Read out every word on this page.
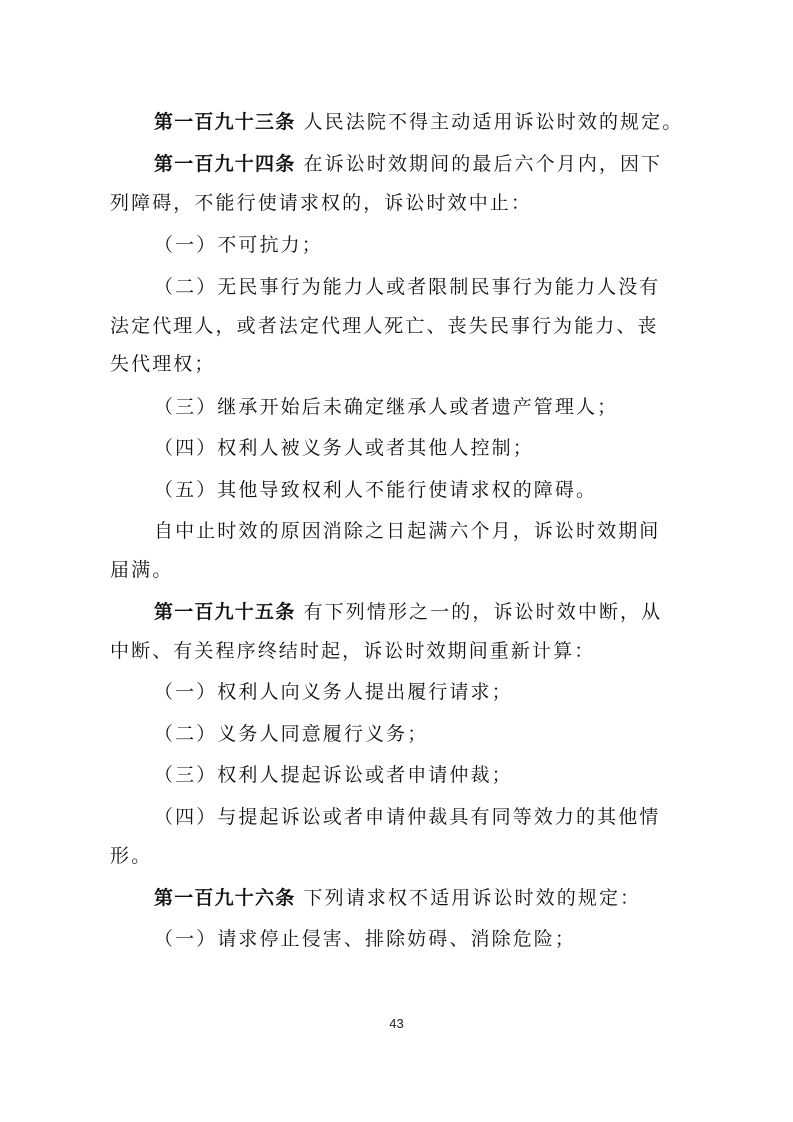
第一百九十三条 人民法院不得主动适用诉讼时效的规定。
第一百九十四条 在诉讼时效期间的最后六个月内，因下
列障碍，不能行使请求权的，诉讼时效中止：
（一）不可抗力；
（二）无民事行为能力人或者限制民事行为能力人没有
法定代理人，或者法定代理人死亡、丧失民事行为能力、丧
失代理权；
（三）继承开始后未确定继承人或者遗产管理人；
（四）权利人被义务人或者其他人控制；
（五）其他导致权利人不能行使请求权的障碍。
自中止时效的原因消除之日起满六个月，诉讼时效期间
届满。
第一百九十五条 有下列情形之一的，诉讼时效中断，从
中断、有关程序终结时起，诉讼时效期间重新计算：
（一）权利人向义务人提出履行请求；
（二）义务人同意履行义务；
（三）权利人提起诉讼或者申请仲裁；
（四）与提起诉讼或者申请仲裁具有同等效力的其他情
形。
第一百九十六条 下列请求权不适用诉讼时效的规定：
（一）请求停止侵害、排除妨碍、消除危险；
43
